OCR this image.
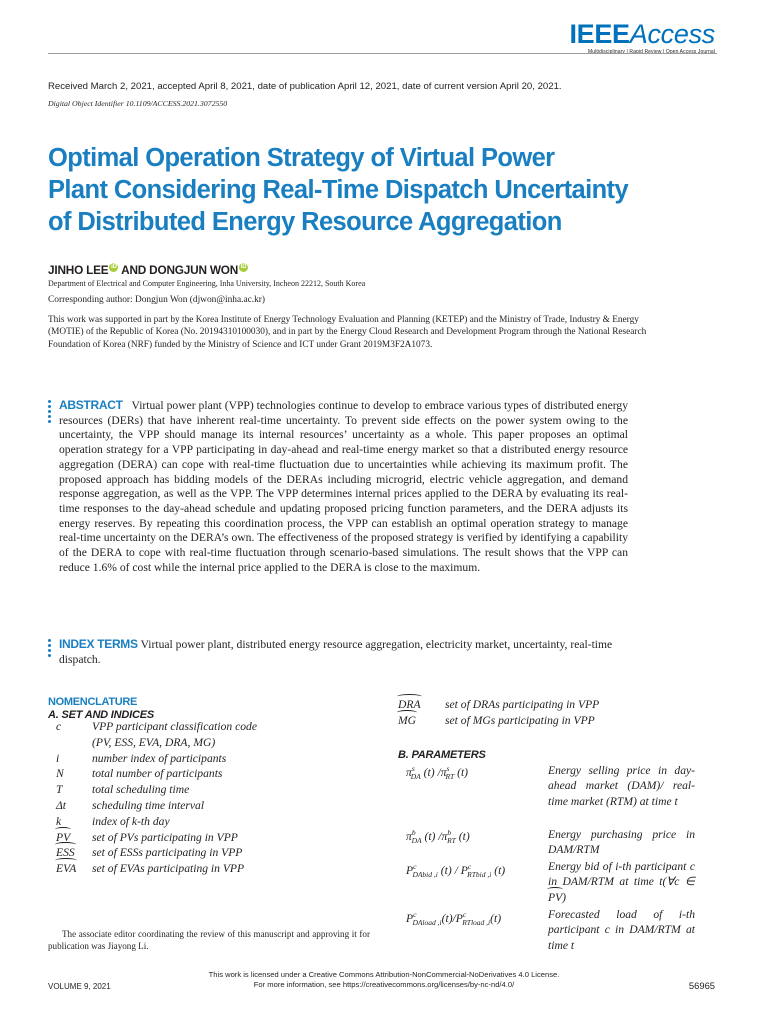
IEEEAccess
Multidisciplinary | Rapid Review | Open Access Journal
Received March 2, 2021, accepted April 8, 2021, date of publication April 12, 2021, date of current version April 20, 2021.
Digital Object Identifier 10.1109/ACCESS.2021.3072550
Optimal Operation Strategy of Virtual Power
Plant Considering Real-Time Dispatch Uncertainty
of Distributed Energy Resource Aggregation
JINHO LEE iD AND DONGJUN WON iD
Department of Electrical and Computer Engineering, Inha University, Incheon 22212, South Korea
Corresponding author: Dongjun Won (djwon@inha.ac.kr)
This work was supported in part by the Korea Institute of Energy Technology Evaluation and Planning (KETEP) and the Ministry of Trade, Industry & Energy (MOTIE) of the Republic of Korea (No. 20194310100030), and in part by the Energy Cloud Research and Development Program through the National Research Foundation of Korea (NRF) funded by the Ministry of Science and ICT under Grant 2019M3F2A1073.
ABSTRACT Virtual power plant (VPP) technologies continue to develop to embrace various types of distributed energy resources (DERs) that have inherent real-time uncertainty. To prevent side effects on the power system owing to the uncertainty, the VPP should manage its internal resources’ uncertainty as a whole. This paper proposes an optimal operation strategy for a VPP participating in day-ahead and real-time energy market so that a distributed energy resource aggregation (DERA) can cope with real-time fluctuation due to uncertainties while achieving its maximum profit. The proposed approach has bidding models of the DERAs including microgrid, electric vehicle aggregation, and demand response aggregation, as well as the VPP. The VPP determines internal prices applied to the DERA by evaluating its real-time responses to the day-ahead schedule and updating proposed pricing function parameters, and the DERA adjusts its energy reserves. By repeating this coordination process, the VPP can establish an optimal operation strategy to manage real-time uncertainty on the DERA’s own. The effectiveness of the proposed strategy is verified by identifying a capability of the DERA to cope with real-time fluctuation through scenario-based simulations. The result shows that the VPP can reduce 1.6% of cost while the internal price applied to the DERA is close to the maximum.
INDEX TERMS Virtual power plant, distributed energy resource aggregation, electricity market, uncertainty, real-time dispatch.
NOMENCLATURE
A. SET AND INDICES
c	VPP participant classification code
(PV, ESS, EVA, DRA, MG)
i	number index of participants
N total number of participants
T	total scheduling time
Δt scheduling time interval
k	index of k-th day
PV set of PVs participating in VPP
ESS set of ESSs participating in VPP
EVA set of EVAs participating in VPP
DRA set of DRAs participating in VPP
MG set of MGs participating in VPP
B. PARAMETERS
$\pi^s_{DA}$ (t) $/\pi^s_{RT}$ (t)	Energy selling price in day-ahead market (DAM)/ real-time market (RTM) at time t
$\pi^b_{DA}$ (t) $/\pi^b_{RT}$ (t)	Energy purchasing price in DAM/RTM
$P^c_{DAbid ,i}$ $(t) / P^c_{RTbid ,i}$ (t)	Energy bid of i-th participant c in DAM/RTM at time t(∀c ∈ PV)
$P^c_{DAload ,i}(t)/P^c_{RTload ,i}(t)$	Forecasted load of i-th participant c in DAM/RTM at time t
The associate editor coordinating the review of this manuscript and approving it for publication was Jiayong Li.
This work is licensed under a Creative Commons Attribution-NonCommercial-NoDerivatives 4.0 License.
For more information, see https://creativecommons.org/licenses/by-nc-nd/4.0/
VOLUME 9, 2021	56965
